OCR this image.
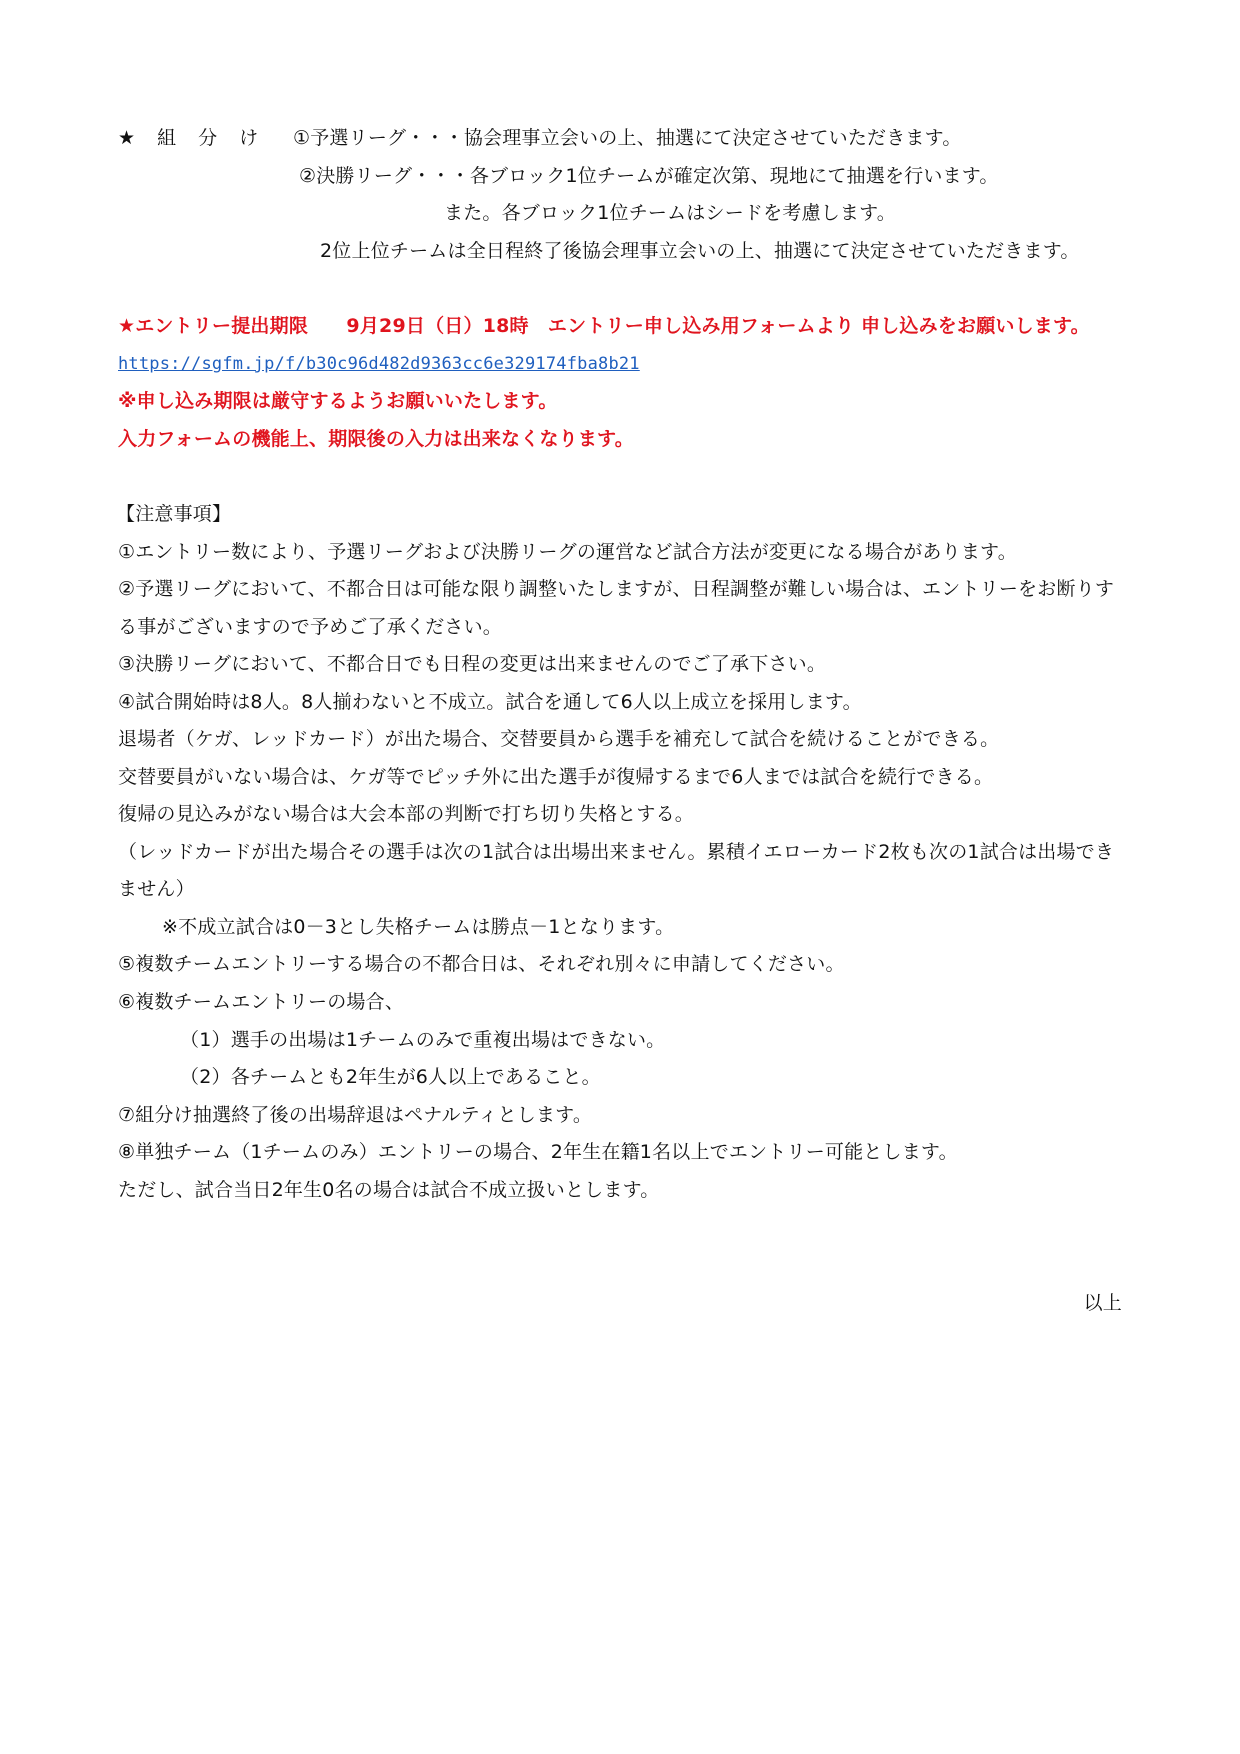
★ 組 分 け ①予選リーグ・・・協会理事立会いの上、抽選にて決定させていただきます。
②決勝リーグ・・・各ブロック1位チームが確定次第、現地にて抽選を行います。
また。各ブロック1位チームはシードを考慮します。
2位上位チームは全日程終了後協会理事立会いの上、抽選にて決定させていただきます。
★エントリー提出期限　　9月29日（日）18時　エントリー申し込み用フォームより 申し込みをお願いします。
https://sgfm.jp/f/b30c96d482d9363cc6e329174fba8b21
※申し込み期限は厳守するようお願いいたします。
入力フォームの機能上、期限後の入力は出来なくなります。
【注意事項】
①エントリー数により、予選リーグおよび決勝リーグの運営など試合方法が変更になる場合があります。
②予選リーグにおいて、不都合日は可能な限り調整いたしますが、日程調整が難しい場合は、エントリーをお断りす
る事がございますので予めご了承ください。
③決勝リーグにおいて、不都合日でも日程の変更は出来ませんのでご了承下さい。
④試合開始時は8人。8人揃わないと不成立。試合を通して6人以上成立を採用します。
退場者（ケガ、レッドカード）が出た場合、交替要員から選手を補充して試合を続けることができる。
交替要員がいない場合は、ケガ等でピッチ外に出た選手が復帰するまで6人までは試合を続行できる。
復帰の見込みがない場合は大会本部の判断で打ち切り失格とする。
（レッドカードが出た場合その選手は次の1試合は出場出来ません。累積イエローカード2枚も次の1試合は出場でき
ません）
※不成立試合は0－3とし失格チームは勝点－1となります。
⑤複数チームエントリーする場合の不都合日は、それぞれ別々に申請してください。
⑥複数チームエントリーの場合、
（1）選手の出場は1チームのみで重複出場はできない。
（2）各チームとも2年生が6人以上であること。
⑦組分け抽選終了後の出場辞退はペナルティとします。
⑧単独チーム（1チームのみ）エントリーの場合、2年生在籍1名以上でエントリー可能とします。
ただし、試合当日2年生0名の場合は試合不成立扱いとします。
以上
